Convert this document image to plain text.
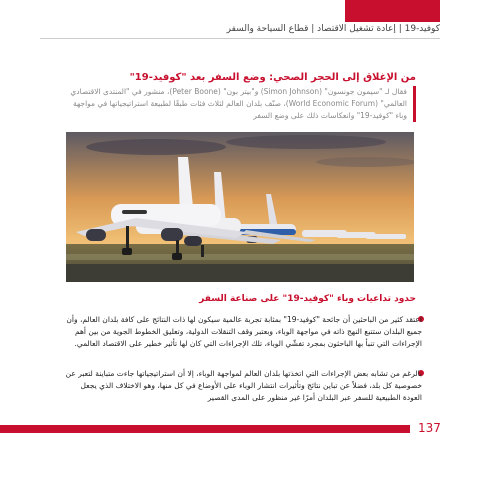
كوفيد-19 | إعادة تشغيل الاقتصاد | قطاع السياحة والسفر
من الإغلاق إلى الحجر الصحي: وضع السفر بعد "كوفيد-19"
فقال لـ "سيمون جونسون" (Simon Johnson) و"بيتر بون" (Peter Boone)، منشور في "المنتدى الاقتصادي العالمي" (World Economic Forum)، صنّف بلدان العالم لثلاث فئات طبقًا لطبيعة استراتيجياتها في مواجهة وباء "كوفيد-19" وانعكاسات ذلك على وضع السفر
حدود تداعيات وباء "كوفيد-19" على صناعة السفر
اعتقد كثير من الباحثين أن جائحة "كوفيد-19" بمثابة تجربة عالمية سيكون لها ذات النتائج على كافة بلدان العالم، وأن جميع البلدان ستتبع النهج ذاته في مواجهة الوباء، وبعتبر وقف التنقلات الدولية، وتعليق الخطوط الجوية من بين أهم الإجراءات التي تنبأ بها الباحثون بمجرد تفشّي الوباء، تلك الإجراءات التي كان لها تأثير خطير على الاقتصاد العالمي.
بالرغم من تشابه بعض الإجراءات التي اتخذتها بلدان العالم لمواجهة الوباء، إلا أن استراتيجياتها جاءت متباينة لتعبر عن خصوصية كل بلد، فضلاً عن تباين نتائج وتأثيرات انتشار الوباء على الأوضاع في كل منها، وهو الاختلاف الذي يجعل العودة الطبيعية للسفر عبر البلدان أمرًا غير منظور على المدى القصير
137
